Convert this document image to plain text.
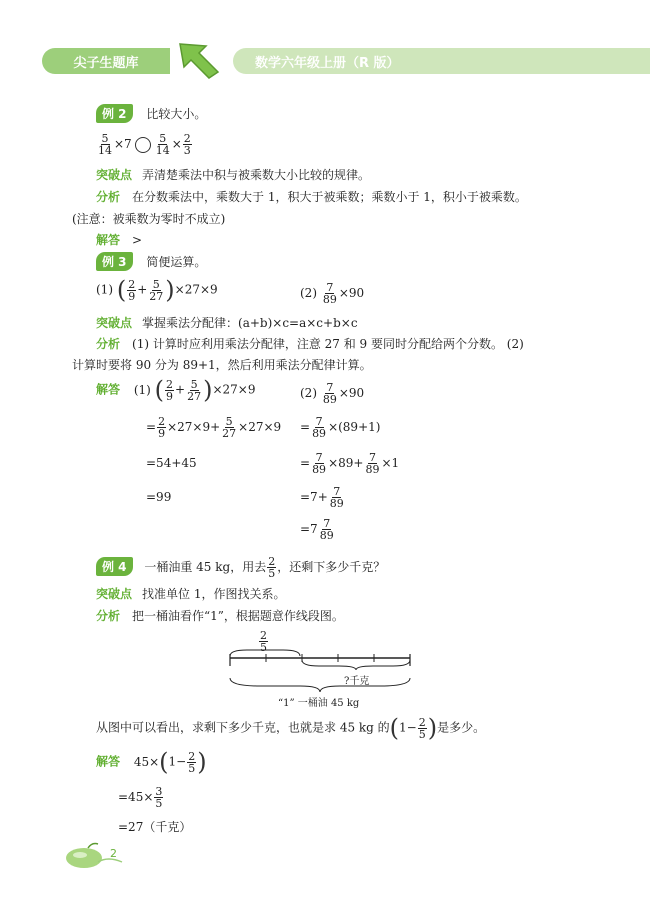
尖子生题库	数学六年级上册（R 版）
例 2 比较大小。
$\frac{5}{14} \times 7 \frac{5}{14} \times \frac{2}{3}$
突破点 弄清楚乘法中积与被乘数大小比较的规律。
分析 在分数乘法中，乘数大于 1，积大于被乘数；乘数小于 1，积小于被乘数。
(注意：被乘数为零时不成立)
解答 >
例 3 简便运算。
(1) ( $\frac{2}{9} + \frac{5}{27} )\times 27\times 9$	$(2) \frac{7}{89} \times 90$
突破点 掌握乘法分配律：(a+b)×c=a×c+b×c
分析 (1) 计算时应利用乘法分配律，注意 27 和 9 要同时分配给两个分数。 (2)
计算时要将 90 分为 89+1，然后利用乘法分配律计算。
解答 (1) ( $\frac{2}{9} + \frac{5}{27} )\times 27\times 9$
= $\frac{2}{9} \times 27\times 9+ \frac{5}{27} \times 27\times 9$
=54+45
=99
$(2) \frac{7}{89} \times 90$
= $\frac{7}{89} \times(89+1)$
= $\frac{7}{89} \times 89+ \frac{7}{89} \times 1$
$=7+ \frac{7}{89}$
$=7 \frac{7}{89}$
例 4 一桶油重 45 kg，用去 $\frac{2}{5}$ ，还剩下多少千克？
突破点 找准单位 1，作图找关系。
分析 把一桶油看作“1”，根据题意作线段图。
$\frac{2}{5}$
?千克
“1” 一桶油 45 kg
从图中可以看出，求剩下多少千克，也就是求 45 kg 的($1- \frac{2}{5}$ )是多少。
解答 $45\times(1- \frac{2}{5}$ )
$=45\times \frac{3}{5}$
=27（千克）
2
